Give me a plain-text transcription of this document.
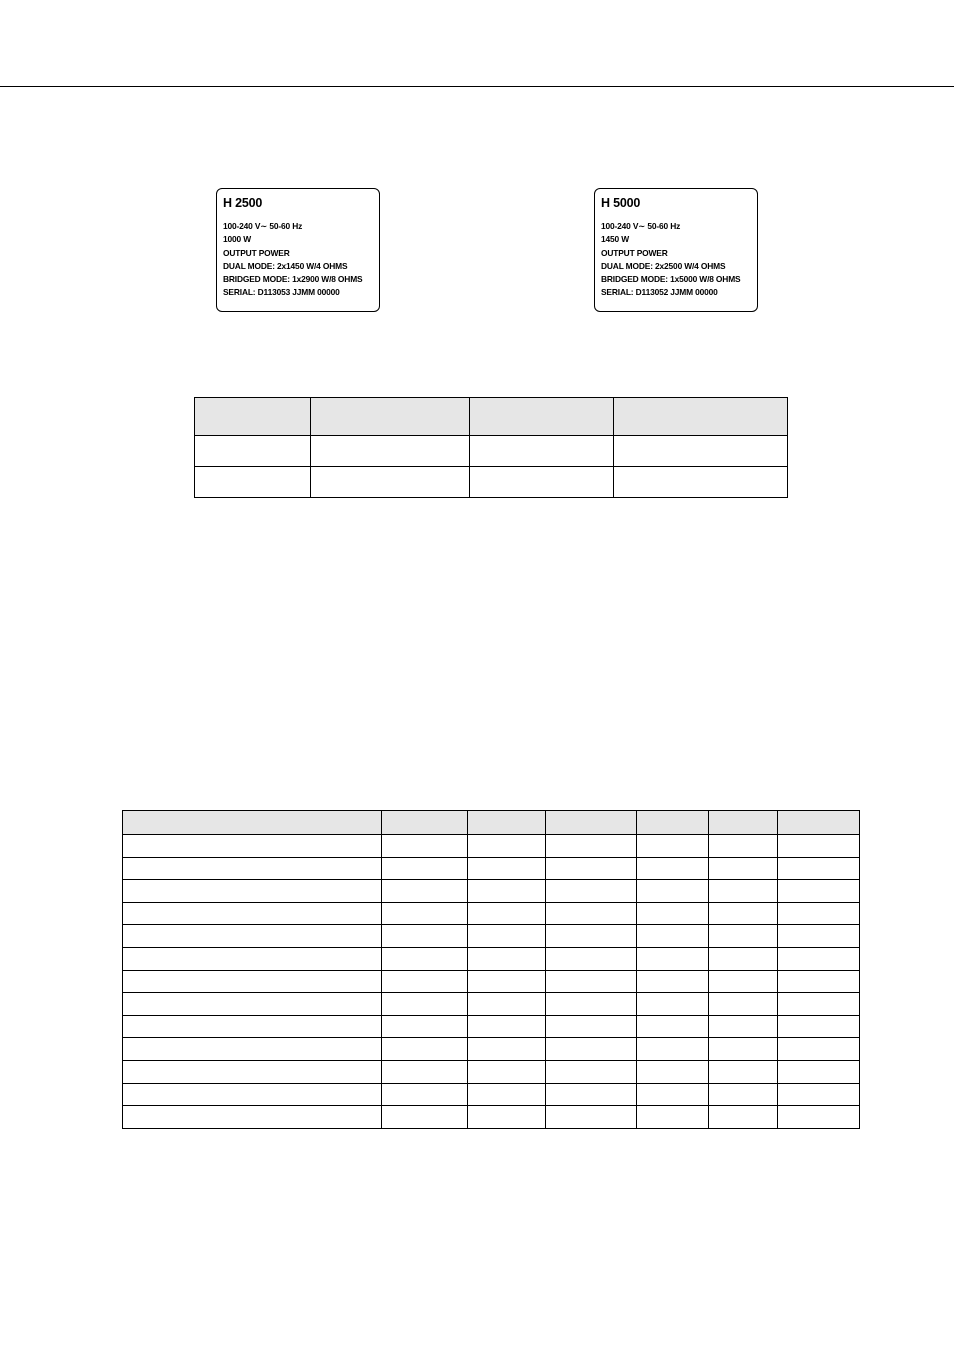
H 2500
100-240 V∼ 50-60 Hz
1000 W
OUTPUT POWER
DUAL MODE: 2x1450 W/4 OHMS
BRIDGED MODE: 1x2900 W/8 OHMS
SERIAL: D113053 JJMM 00000
H 5000
100-240 V∼ 50-60 Hz
1450 W
OUTPUT POWER
DUAL MODE: 2x2500 W/4 OHMS
BRIDGED MODE: 1x5000 W/8 OHMS
SERIAL: D113052 JJMM 00000
